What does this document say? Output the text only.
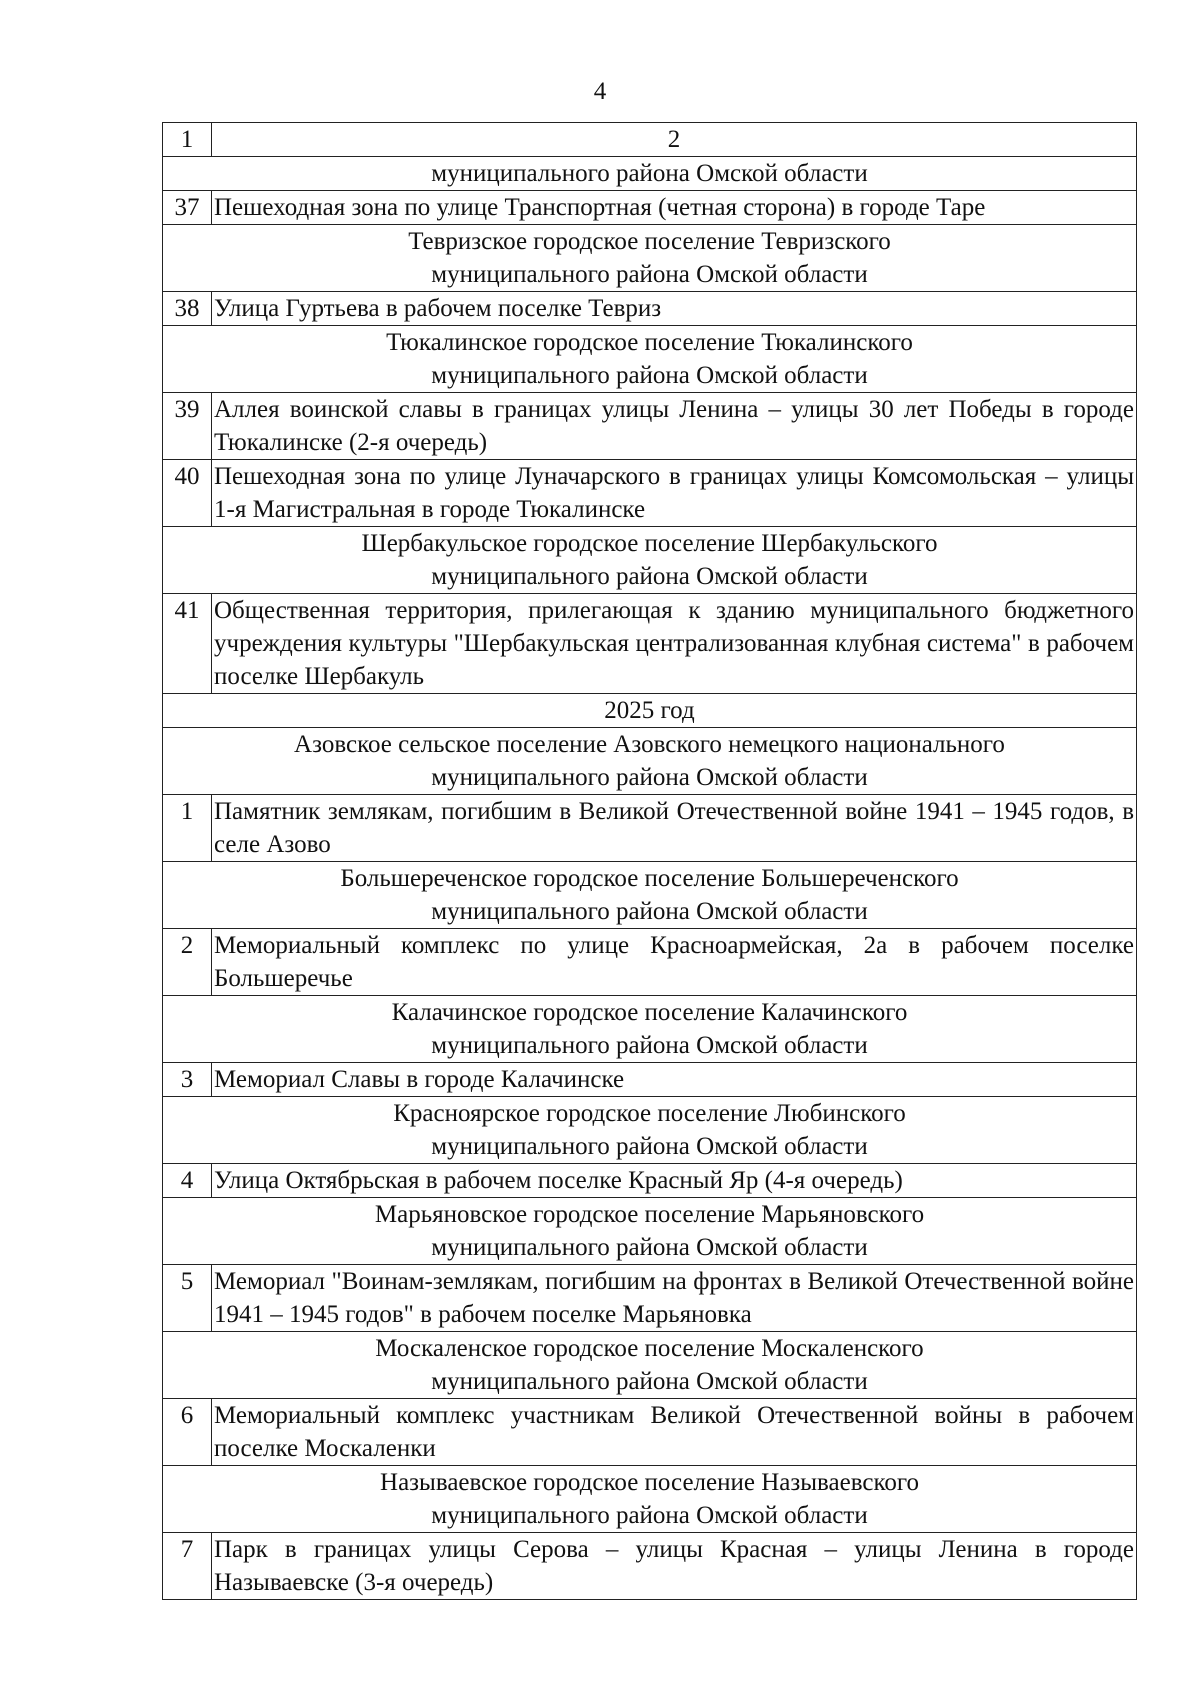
4
1	2
муниципального района Омской области	
37	Пешеходная зона по улице Транспортная (четная сторона) в городе Таре
Тевризское городское поселение Тевризского
муниципального района Омской области	
38	Улица Гуртьева в рабочем поселке Тевриз
Тюкалинское городское поселение Тюкалинского
муниципального района Омской области	
39	Аллея воинской славы в границах улицы Ленина – улицы 30 лет Победы в городе Тюкалинске (2-я очередь)
40	Пешеходная зона по улице Луначарского в границах улицы Комсомольская – улицы 1-я Магистральная в городе Тюкалинске
Шербакульское городское поселение Шербакульского
муниципального района Омской области	
41	Общественная территория, прилегающая к зданию муниципального бюджетного учреждения культуры "Шербакульская централизованная клубная система" в рабочем поселке Шербакуль
2025 год	
Азовское сельское поселение Азовского немецкого национального
муниципального района Омской области	
1	Памятник землякам, погибшим в Великой Отечественной войне 1941 – 1945 годов, в селе Азово
Большереченское городское поселение Большереченского
муниципального района Омской области	
2	Мемориальный комплекс по улице Красноармейская, 2а в рабочем поселке Большеречье
Калачинское городское поселение Калачинского
муниципального района Омской области	
3	Мемориал Славы в городе Калачинске
Красноярское городское поселение Любинского
муниципального района Омской области	
4	Улица Октябрьская в рабочем поселке Красный Яр (4-я очередь)
Марьяновское городское поселение Марьяновского
муниципального района Омской области	
5	Мемориал "Воинам-землякам, погибшим на фронтах в Великой Отечественной войне 1941 – 1945 годов" в рабочем поселке Марьяновка
Москаленское городское поселение Москаленского
муниципального района Омской области	
6	Мемориальный комплекс участникам Великой Отечественной войны в рабочем поселке Москаленки
Называевское городское поселение Называевского
муниципального района Омской области	
7	Парк в границах улицы Серова – улицы Красная – улицы Ленина в городе Называевске (3-я очередь)
